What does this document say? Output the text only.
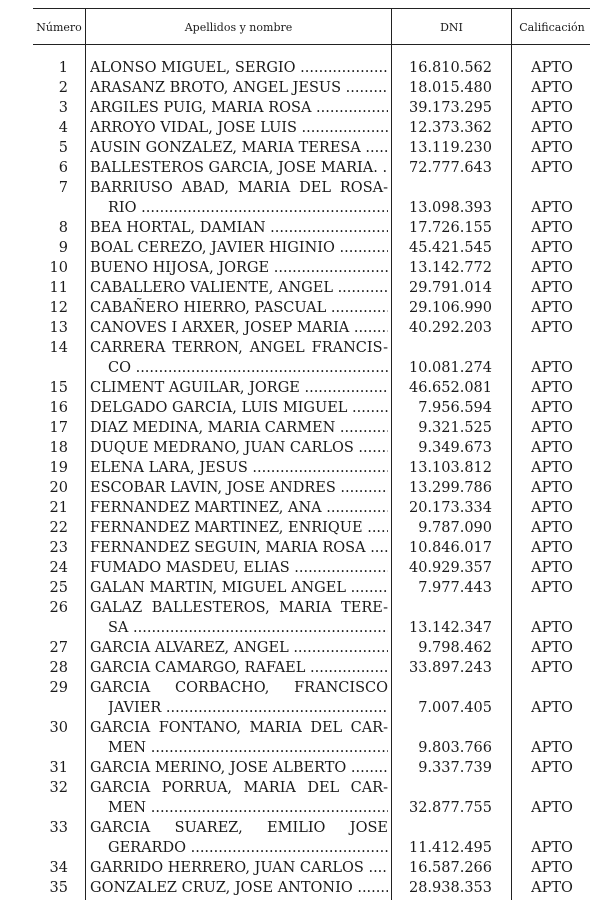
Número	Apellidos y nombre	DNI	Calificación
1 ALONSO MIGUEL, SERGIO .....	16.810.562	APTO
2 ARASANZ BROTO, ANGEL JESUS .....	18.015.480	APTO
3 ARGILES PUIG, MARIA ROSA .....	39.173.295	APTO
4 ARROYO VIDAL, JOSE LUIS .....	12.373.362	APTO
5 AUSIN GONZALEZ, MARIA TERESA .....	13.119.230	APTO
6 BALLESTEROS GARCIA, JOSE MARIA. .....	72.777.643	APTO
7 BARRIUSO ABAD, MARIA DEL ROSA-
RIO .....	13.098.393	APTO
8 BEA HORTAL, DAMIAN .....	17.726.155	APTO
9 BOAL CEREZO, JAVIER HIGINIO .....	45.421.545	APTO
10 BUENO HIJOSA, JORGE .....	13.142.772	APTO
11 CABALLERO VALIENTE, ANGEL .....	29.791.014	APTO
12 CABAÑERO HIERRO, PASCUAL .....	29.106.990	APTO
13 CANOVES I ARXER, JOSEP MARIA .....	40.292.203	APTO
14 CARRERA TERRON, ANGEL FRANCIS-
CO .....	10.081.274	APTO
15 CLIMENT AGUILAR, JORGE .....	46.652.081	APTO
16 DELGADO GARCIA, LUIS MIGUEL .....	7.956.594	APTO
17 DIAZ MEDINA, MARIA CARMEN .....	9.321.525	APTO
18 DUQUE MEDRANO, JUAN CARLOS .....	9.349.673	APTO
19 ELENA LARA, JESUS .....	13.103.812	APTO
20 ESCOBAR LAVIN, JOSE ANDRES .....	13.299.786	APTO
21 FERNANDEZ MARTINEZ, ANA .....	20.173.334	APTO
22 FERNANDEZ MARTINEZ, ENRIQUE .....	9.787.090	APTO
23 FERNANDEZ SEGUIN, MARIA ROSA .....	10.846.017	APTO
24 FUMADO MASDEU, ELIAS .....	40.929.357	APTO
25 GALAN MARTIN, MIGUEL ANGEL .....	7.977.443	APTO
26 GALAZ BALLESTEROS, MARIA TERE-
SA .....	13.142.347	APTO
27 GARCIA ALVAREZ, ANGEL .....	9.798.462	APTO
28 GARCIA CAMARGO, RAFAEL .....	33.897.243	APTO
29 GARCIA CORBACHO, FRANCISCO
JAVIER .....	7.007.405	APTO
30 GARCIA FONTANO, MARIA DEL CAR-
MEN .....	9.803.766	APTO
31 GARCIA MERINO, JOSE ALBERTO .....	9.337.739	APTO
32 GARCIA PORRUA, MARIA DEL CAR-
MEN .....	32.877.755	APTO
33 GARCIA SUAREZ, EMILIO JOSE
GERARDO .....	11.412.495	APTO
34 GARRIDO HERRERO, JUAN CARLOS .....	16.587.266	APTO
35 GONZALEZ CRUZ, JOSE ANTONIO .....	28.938.353	APTO
